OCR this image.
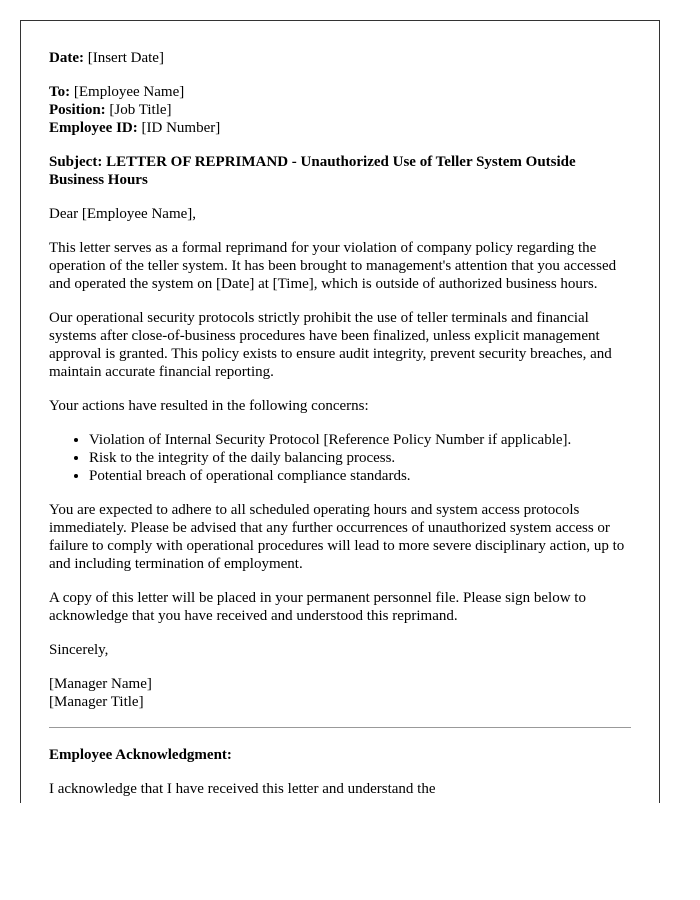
Date: [Insert Date]

To: [Employee Name]
Position: [Job Title]
Employee ID: [ID Number]

Subject: LETTER OF REPRIMAND - Unauthorized Use of Teller System Outside Business Hours

Dear [Employee Name],

This letter serves as a formal reprimand for your violation of company policy regarding the operation of the teller system. It has been brought to management's attention that you accessed and operated the system on [Date] at [Time], which is outside of authorized business hours.

Our operational security protocols strictly prohibit the use of teller terminals and financial systems after close-of-business procedures have been finalized, unless explicit management approval is granted. This policy exists to ensure audit integrity, prevent security breaches, and maintain accurate financial reporting.

Your actions have resulted in the following concerns:

• Violation of Internal Security Protocol [Reference Policy Number if applicable].
• Risk to the integrity of the daily balancing process.
• Potential breach of operational compliance standards.

You are expected to adhere to all scheduled operating hours and system access protocols immediately. Please be advised that any further occurrences of unauthorized system access or failure to comply with operational procedures will lead to more severe disciplinary action, up to and including termination of employment.

A copy of this letter will be placed in your permanent personnel file. Please sign below to acknowledge that you have received and understood this reprimand.

Sincerely,

[Manager Name]
[Manager Title]

Employee Acknowledgment:

I acknowledge that I have received this letter and understand the
